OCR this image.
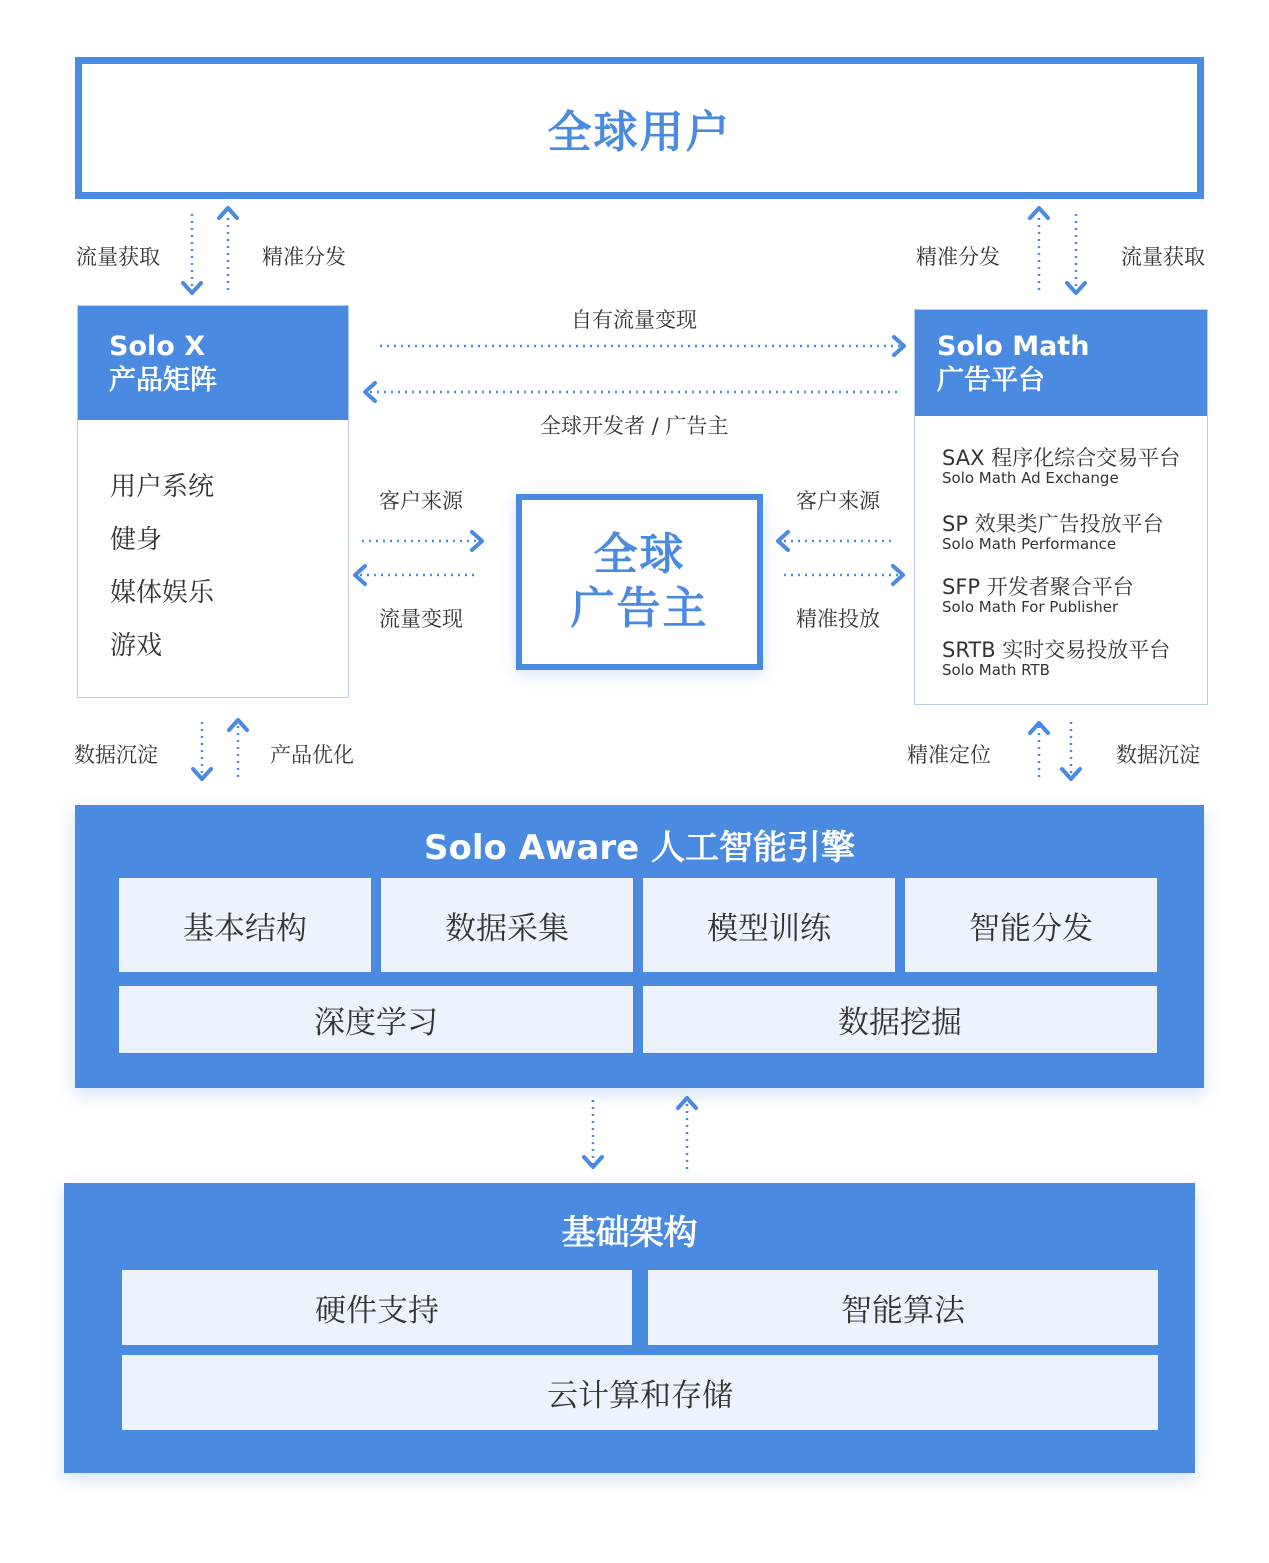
全球用户
流量获取	精准分发	精准分发	流量获取
Solo X
产品矩阵
用户系统
健身
媒体娱乐
游戏
Solo Math
广告平台
SAX 程序化综合交易平台
Solo Math Ad Exchange
SP 效果类广告投放平台
Solo Math Performance
SFP 开发者聚合平台
Solo Math For Publisher
SRTB 实时交易投放平台
Solo Math RTB
自有流量变现
全球开发者 / 广告主
客户来源
流量变现
客户来源
精准投放
全球
广告主
数据沉淀	产品优化	精准定位	数据沉淀
Solo Aware 人工智能引擎
基本结构	数据采集	模型训练	智能分发
深度学习	数据挖掘
基础架构
硬件支持	智能算法
云计算和存储
